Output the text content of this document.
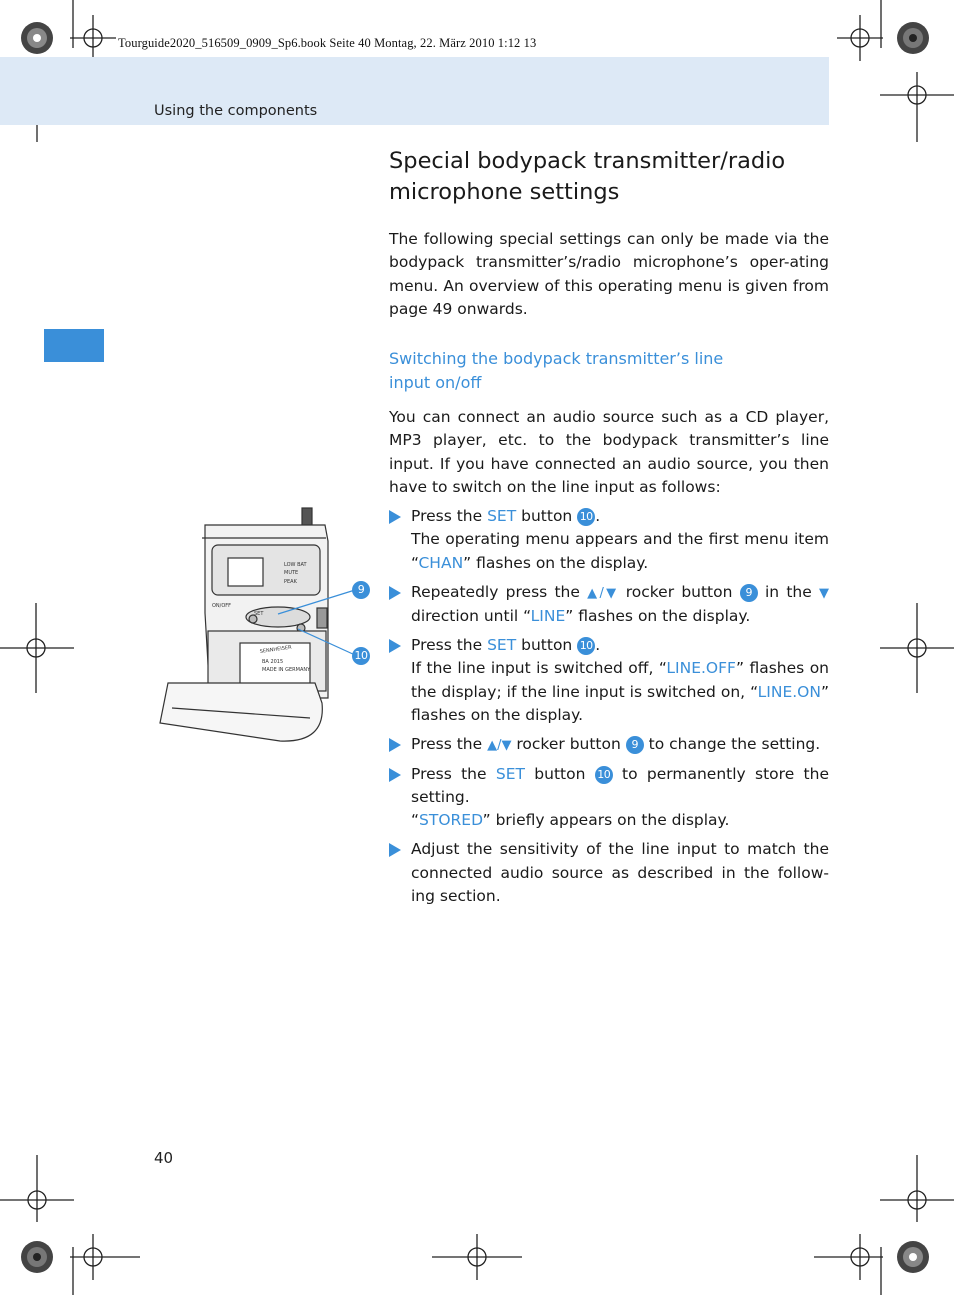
Tourguide2020_516509_0909_Sp6.book Seite 40 Montag, 22. März 2010 1:12 13
Using the components
LOW BAT
MUTE
PEAK
ON/OFF
SET
SENNHEISER
BA 2015
MADE IN GERMANY
9
10
Special bodypack transmitter/radio microphone settings

The following special settings can only be made via the bodypack transmitter’s/radio microphone’s oper-ating menu. An overview of this operating menu is given from page 49 onwards.

Switching the bodypack transmitter’s line input on/off

You can connect an audio source such as a CD player, MP3 player, etc. to the bodypack transmitter’s line input. If you have connected an audio source, you then have to switch on the line input as follows:

Press the SET button 10 .
The operating menu appears and the first menu item “CHAN” flashes on the display.
Repeatedly press the ▲/▼ rocker button 9 in the ▼ direction until “LINE” flashes on the display.
Press the SET button 10 .
If the line input is switched off, “LINE.OFF” flashes on the display; if the line input is switched on, “LINE.ON” flashes on the display.
Press the ▲/▼ rocker button 9 to change the setting.
Press the SET button 10 to permanently store the setting.
“STORED” briefly appears on the display.
Adjust the sensitivity of the line input to match the connected audio source as described in the follow-ing section.
40
